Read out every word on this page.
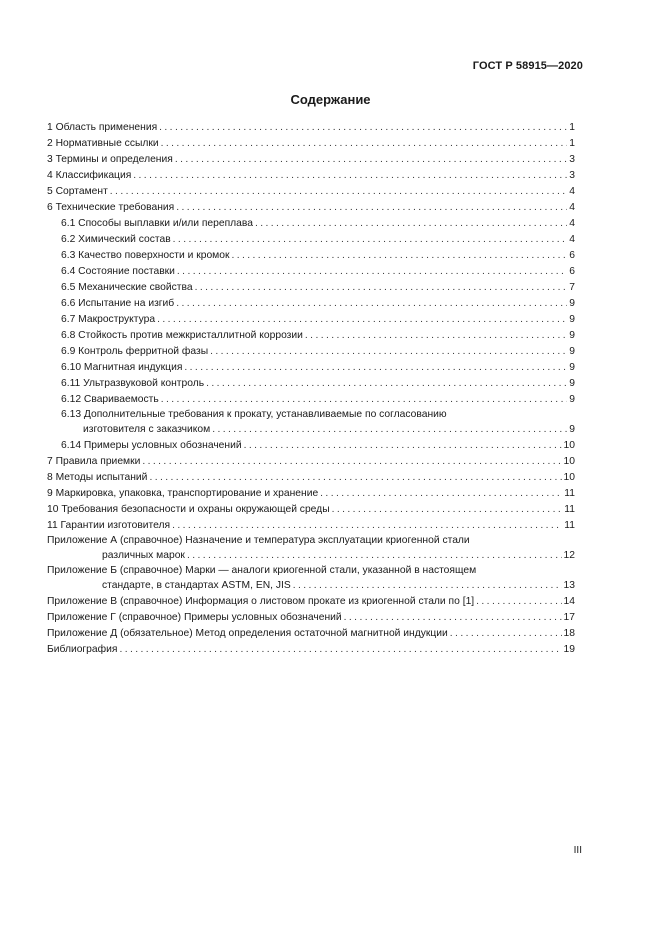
ГОСТ Р 58915—2020
Содержание
1 Область применения .....	1
2 Нормативные ссылки .....	1
3 Термины и определения .....	3
4 Классификация .....	3
5 Сортамент .....	4
6 Технические требования .....	4
6.1 Способы выплавки и/или переплава .....	4
6.2 Химический состав .....	4
6.3 Качество поверхности и кромок .....	6
6.4 Состояние поставки .....	6
6.5 Механические свойства .....	7
6.6 Испытание на изгиб .....	9
6.7 Макроструктура .....	9
6.8 Стойкость против межкристаллитной коррозии .....	9
6.9 Контроль ферритной фазы .....	9
6.10 Магнитная индукция .....	9
6.11 Ультразвуковой контроль .....	9
6.12 Свариваемость .....	9
6.13 Дополнительные требования к прокату, устанавливаемые по согласованию
изготовителя с заказчиком .....	9
6.14 Примеры условных обозначений .....	10
7 Правила приемки .....	10
8 Методы испытаний .....	10
9 Маркировка, упаковка, транспортирование и хранение .....	11
10 Требования безопасности и охраны окружающей среды .....	11
11 Гарантии изготовителя .....	11
Приложение А (справочное) Назначение и температура эксплуатации криогенной стали
различных марок .....	12
Приложение Б (справочное) Марки — аналоги криогенной стали, указанной в настоящем
стандарте, в стандартах ASTM, EN, JIS .....	13
Приложение В (справочное) Информация о листовом прокате из криогенной стали по [1] .....	14
Приложение Г (справочное) Примеры условных обозначений .....	17
Приложение Д (обязательное) Метод определения остаточной магнитной индукции .....	18
Библиография .....	19
III
